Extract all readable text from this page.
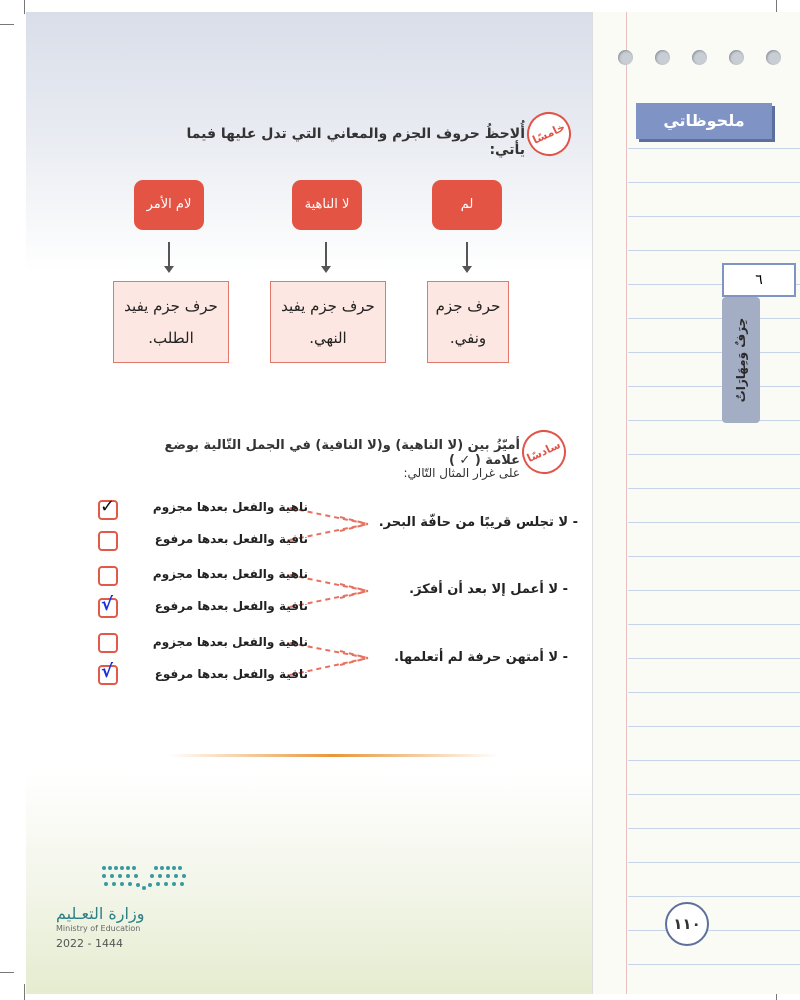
ملحوظاتي
٦
حِرَفٌ وَمِهَارَاتٌ
١١٠
خامسًا
أُلاحظُ حروف الجزم والمعاني التي تدل عليها فيما يأتي:
لم
لا الناهية
لام الأمر
حرف جزم ونفي.
حرف جزم يفيد النهي.
حرف جزم يفيد الطلب.
سادسًا
أميّزُ بين (لا الناهية) و(لا النافية) في الجمل التّالية بوضع علامة ( ✓ )
على غرار المثال التّالي:
- لا تجلس قريبًا من حافّة البحر.
ناهية والفعل بعدها مجزوم
نافية والفعل بعدها مرفوع
✓
- لا أعمل إلا بعد أن أفكرَ.
ناهية والفعل بعدها مجزوم
نافية والفعل بعدها مرفوع
√
- لا أمتهن حرفة لم أتعلمها.
ناهية والفعل بعدها مجزوم
نافية والفعل بعدها مرفوع
√
وزارة التعـليم
Ministry of Education
2022 - 1444
